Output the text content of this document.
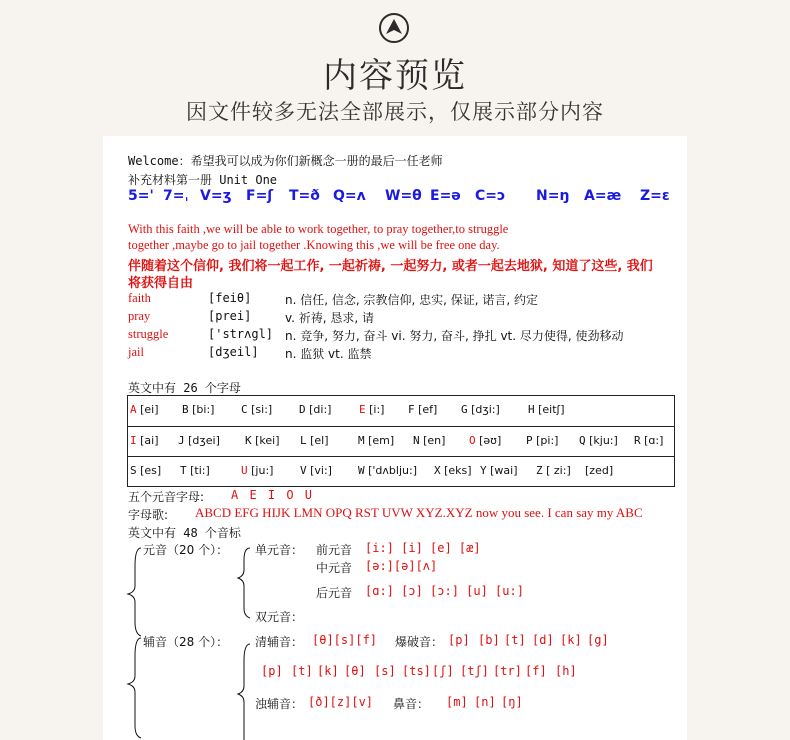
内容预览
因文件较多无法全部展示，仅展示部分内容
Welcome：希望我可以成为你们新概念一册的最后一任老师
补充材料第一册 Unit One
5=' 7=ˌ V=ʒ F=ʃ T=ð Q=ʌ W=θ E=ə C=ɔ N=ŋ A=æ Z=ɛ
With this faith ,we will be able to work together, to pray together,to struggle
together ,maybe go to jail together .Knowing this ,we will be free one day.
伴随着这个信仰, 我们将一起工作, 一起祈祷, 一起努力, 或者一起去地狱, 知道了这些, 我们
将获得自由
faith	[feiθ]	n. 信任, 信念, 宗教信仰, 忠实, 保证, 诺言, 约定
pray	[prei]	v. 祈祷, 恳求, 请
struggle	['strʌgl] n. 竞争, 努力, 奋斗 vi. 努力, 奋斗, 挣扎 vt. 尽力使得, 使劲移动
jail	[dʒeil] n. 监狱 vt. 监禁
英文中有 26 个字母
A [ei] B [bi:] C [si:] D [di:]	E [i:] F [ef] G [dʒi:]	H [eitʃ]
I [ai] J [dʒei] K [kei] L [el]	M [em] N [en] O [əʊ] P [pi:] Q [kju:] R [ɑ:]
S [es] T [ti:]	U [ju:] V [vi:] W ['dʌblju:] X [eks] Y [wai] Z [ zi:] [zed]
五个元音字母: A E I O U
字母歌: ABCD EFG HIJK LMN OPQ RST UVW XYZ.XYZ now you see. I can say my ABC
英文中有 48 个音标
元音（20 个）： 单元音： 前元音 [i:] [i] [e] [æ]
中元音 [ə:][ə][ʌ]
后元音 [ɑ:] [ɔ] [ɔ:] [u] [u:]
双元音：
辅音（28 个）： 清辅音： [θ][s][f] 爆破音： [p] [b] [t] [d] [k] [g]
[p] [t] [k] [θ] [s] [ts] [ʃ] [tʃ] [tr] [f] [h]
浊辅音： [ð][z][v] 鼻音： [m] [n] [ŋ]
